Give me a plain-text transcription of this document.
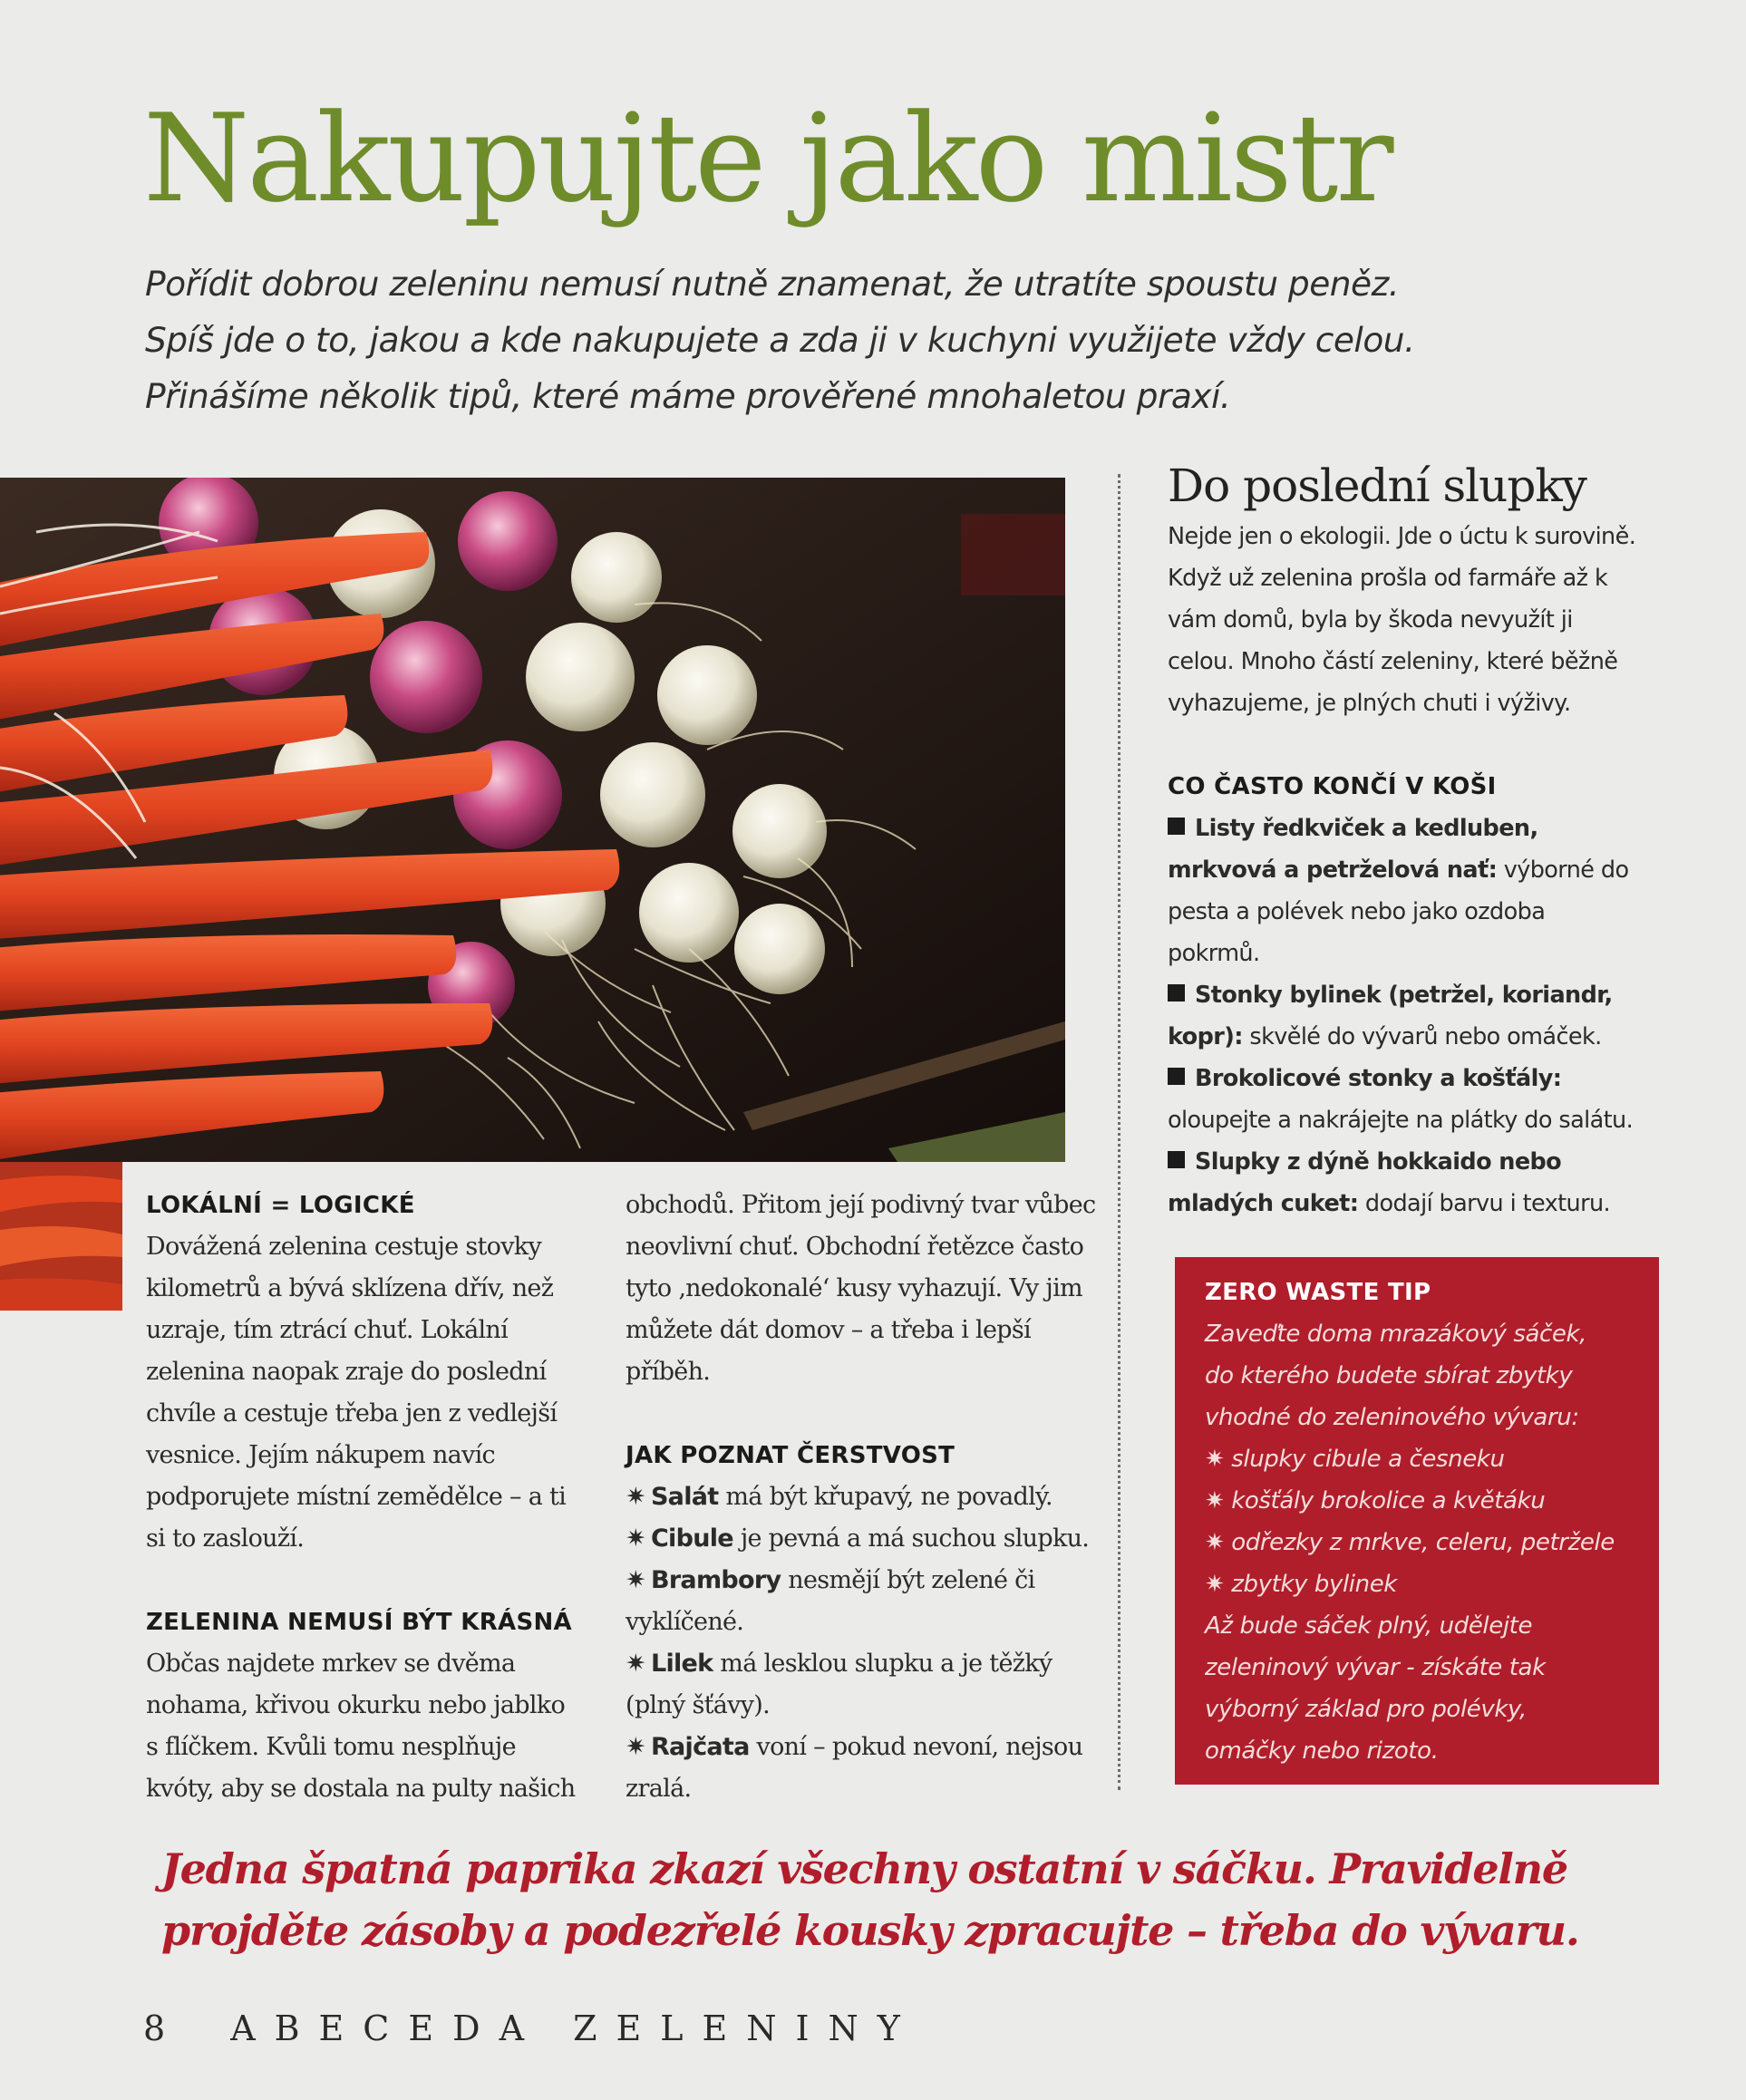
Nakupujte jako mistr
Pořídit dobrou zeleninu nemusí nutně znamenat, že utratíte spoustu peněz.
Spíš jde o to, jakou a kde nakupujete a zda ji v kuchyni využijete vždy celou.
Přinášíme několik tipů, které máme prověřené mnohaletou praxí.
LOKÁLNÍ = LOGICKÉ

Dovážená zelenina cestuje stovky kilometrů a bývá sklízena dřív, než uzraje, tím ztrácí chuť. Lokální zelenina naopak zraje do poslední chvíle a cestuje třeba jen z vedlejší vesnice. Jejím nákupem navíc podporujete místní zemědělce – a ti si to zaslouží.

ZELENINA NEMUSÍ BÝT KRÁSNÁ

Občas najdete mrkev se dvěma nohama, křivou okurku nebo jablko s flíčkem. Kvůli tomu nesplňuje kvóty, aby se dostala na pulty našich

obchodů. Přitom její podivný tvar vůbec neovlivní chuť. Obchodní řetězce často tyto ‚nedokonalé‘ kusy vyhazují. Vy jim můžete dát domov – a třeba i lepší příběh.

JAK POZNAT ČERSTVOST
✷ Salát má být křupavý, ne povadlý.
✷ Cibule je pevná a má suchou slupku.
✷ Brambory nesmějí být zelené či vyklíčené.
✷ Lilek má lesklou slupku a je těžký (plný šťávy).
✷ Rajčata voní – pokud nevoní, nejsou zralá.
Do poslední slupky

Nejde jen o ekologii. Jde o úctu k surovině. Když už zelenina prošla od farmáře až k vám domů, byla by škoda nevyužít ji celou. Mnoho částí zeleniny, které běžně vyhazujeme, je plných chuti i výživy.

CO ČASTO KONČÍ V KOŠI
Listy ředkviček a kedluben, mrkvová a petrželová nať: výborné do pesta a polévek nebo jako ozdoba pokrmů.
Stonky bylinek (petržel, koriandr, kopr): skvělé do vývarů nebo omáček.
Brokolicové stonky a košťály: oloupejte a nakrájejte na plátky do salátu.
Slupky z dýně hokkaido nebo mladých cuket: dodají barvu i texturu.
ZERO WASTE TIP
Zaveďte doma mrazákový sáček,
do kterého budete sbírat zbytky
vhodné do zeleninového vývaru:
✷ slupky cibule a česneku
✷ košťály brokolice a květáku
✷ odřezky z mrkve, celeru, petržele
✷ zbytky bylinek
Až bude sáček plný, udělejte
zeleninový vývar - získáte tak
výborný základ pro polévky,
omáčky nebo rizoto.
Jedna špatná paprika zkazí všechny ostatní v sáčku. Pravidelně
projděte zásoby a podezřelé kousky zpracujte – třeba do vývaru.
8 ABECEDA ZELENINY
